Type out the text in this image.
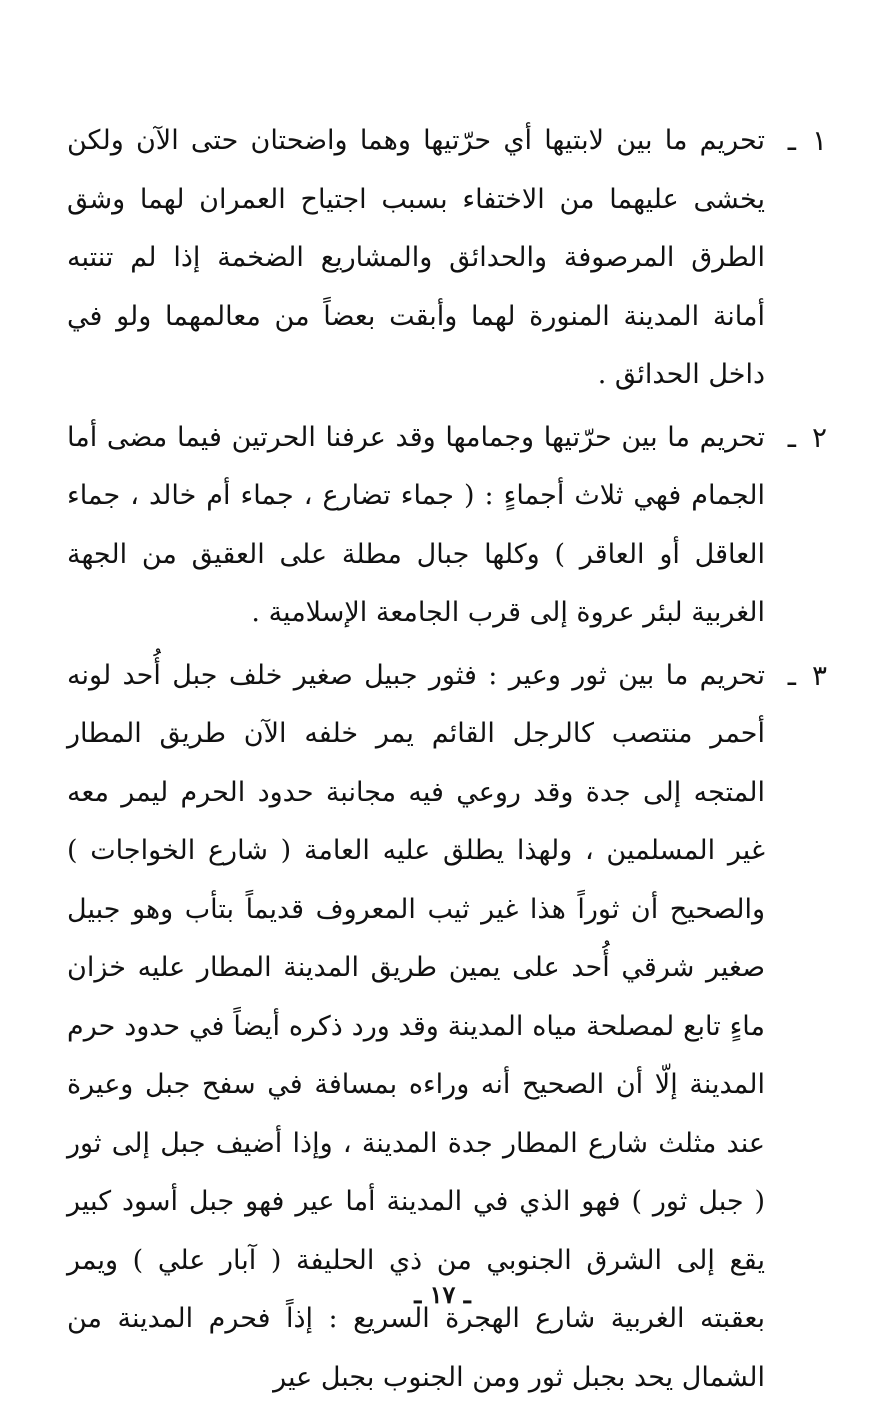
١
ـ

تحريم ما بين لابتيها أي حرّتيها وهما واضحتان حتى الآن ولكن يخشى عليهما من الاختفاء بسبب اجتياح العمران لهما وشق الطرق المرصوفة والحدائق والمشاريع الضخمة إذا لم تنتبه أمانة المدينة المنورة لهما وأبقت بعضاً من معالمهما ولو في داخل الحدائق .

٢
ـ

تحريم ما بين حرّتيها وجمامها وقد عرفنا الحرتين فيما مضى أما الجمام فهي ثلاث أجماءٍ : ( جماء تضارع ، جماء أم خالد ، جماء العاقل أو العاقر ) وكلها جبال مطلة على العقيق من الجهة الغربية لبئر عروة إلى قرب الجامعة الإسلامية .

٣
ـ

تحريم ما بين ثور وعير : فثور جبيل صغير خلف جبل أُحد لونه أحمر منتصب كالرجل القائم يمر خلفه الآن طريق المطار المتجه إلى جدة وقد روعي فيه مجانبة حدود الحرم ليمر معه غير المسلمين ، ولهذا يطلق عليه العامة ( شارع الخواجات ) والصحيح أن ثوراً هذا غير ثيب المعروف قديماً بتأب وهو جبيل صغير شرقي أُحد على يمين طريق المدينة المطار عليه خزان ماءٍ تابع لمصلحة مياه المدينة وقد ورد ذكره أيضاً في حدود حرم المدينة إلّا أن الصحيح أنه وراءه بمسافة في سفح جبل وعيرة عند مثلث شارع المطار جدة المدينة ، وإذا أضيف جبل إلى ثور ( جبل ثور ) فهو الذي في المدينة أما عير فهو جبل أسود كبير يقع إلى الشرق الجنوبي من ذي الحليفة ( آبار علي ) ويمر بعقبته الغربية شارع الهجرة السريع : إذاً فحرم المدينة من الشمال يحد بجبل ثور ومن الجنوب بجبل عير

ـ ١٧ ـ
